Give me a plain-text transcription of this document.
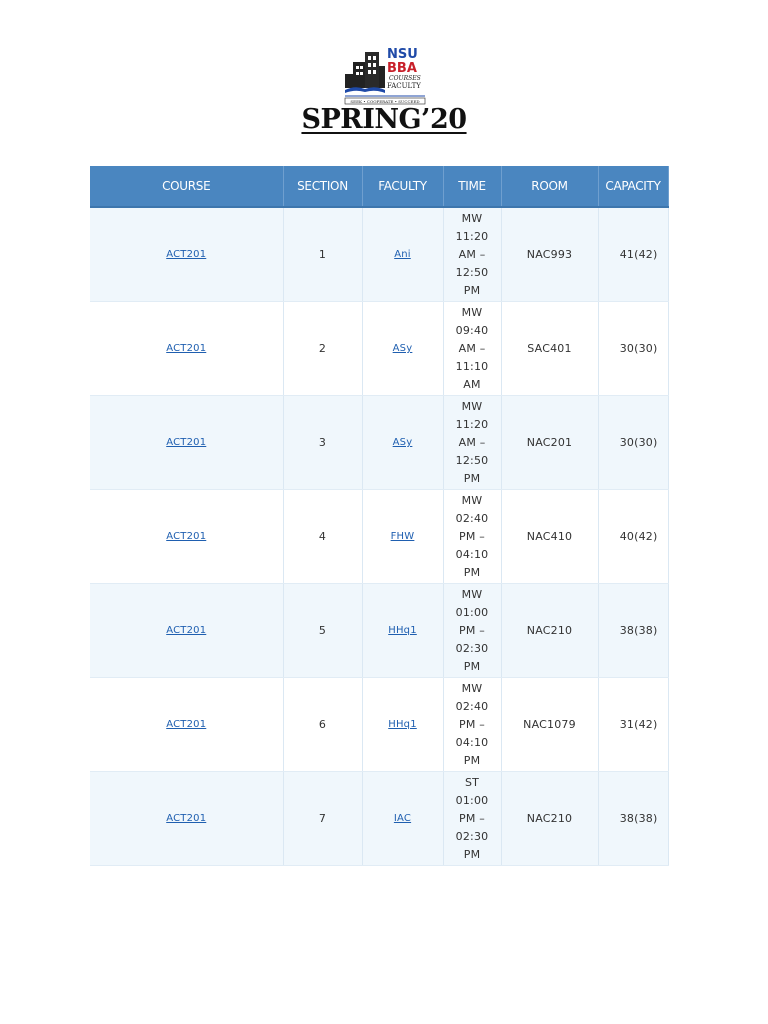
NSU
BBA
COURSES
FACULTY
SEEK • COOPERATE • SUCCEED
SPRING’20
COURSE	SECTION	FACULTY	TIME	ROOM	CAPACITY
ACT201	1	Ani	MW
11:20
AM –
12:50
PM	NAC993	41(42)
ACT201	2	ASy	MW
09:40
AM –
11:10
AM	SAC401	30(30)
ACT201	3	ASy	MW
11:20
AM –
12:50
PM	NAC201	30(30)
ACT201	4	FHW	MW
02:40
PM –
04:10
PM	NAC410	40(42)
ACT201	5	HHq1	MW
01:00
PM –
02:30
PM	NAC210	38(38)
ACT201	6	HHq1	MW
02:40
PM –
04:10
PM	NAC1079	31(42)
ACT201	7	IAC	ST
01:00
PM –
02:30
PM	NAC210	38(38)
